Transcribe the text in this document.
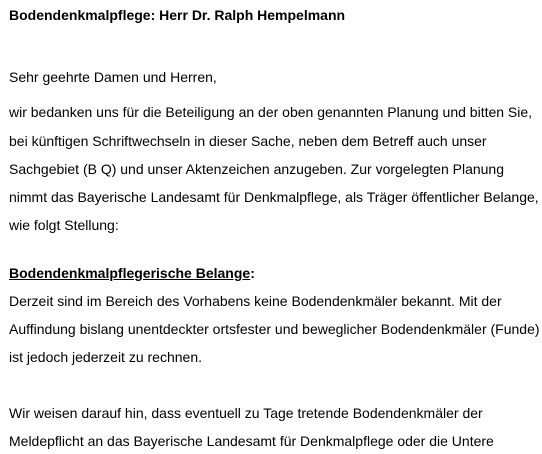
Bodendenkmalpflege: Herr Dr. Ralph Hempelmann
Sehr geehrte Damen und Herren,
wir bedanken uns für die Beteiligung an der oben genannten Planung und bitten Sie,
bei künftigen Schriftwechseln in dieser Sache, neben dem Betreff auch unser
Sachgebiet (B Q) und unser Aktenzeichen anzugeben. Zur vorgelegten Planung
nimmt das Bayerische Landesamt für Denkmalpflege, als Träger öffentlicher Belange,
wie folgt Stellung:
Bodendenkmalpflegerische Belange:
Derzeit sind im Bereich des Vorhabens keine Bodendenkmäler bekannt. Mit der
Auffindung bislang unentdeckter ortsfester und beweglicher Bodendenkmäler (Funde)
ist jedoch jederzeit zu rechnen.
Wir weisen darauf hin, dass eventuell zu Tage tretende Bodendenkmäler der
Meldepflicht an das Bayerische Landesamt für Denkmalpflege oder die Untere
